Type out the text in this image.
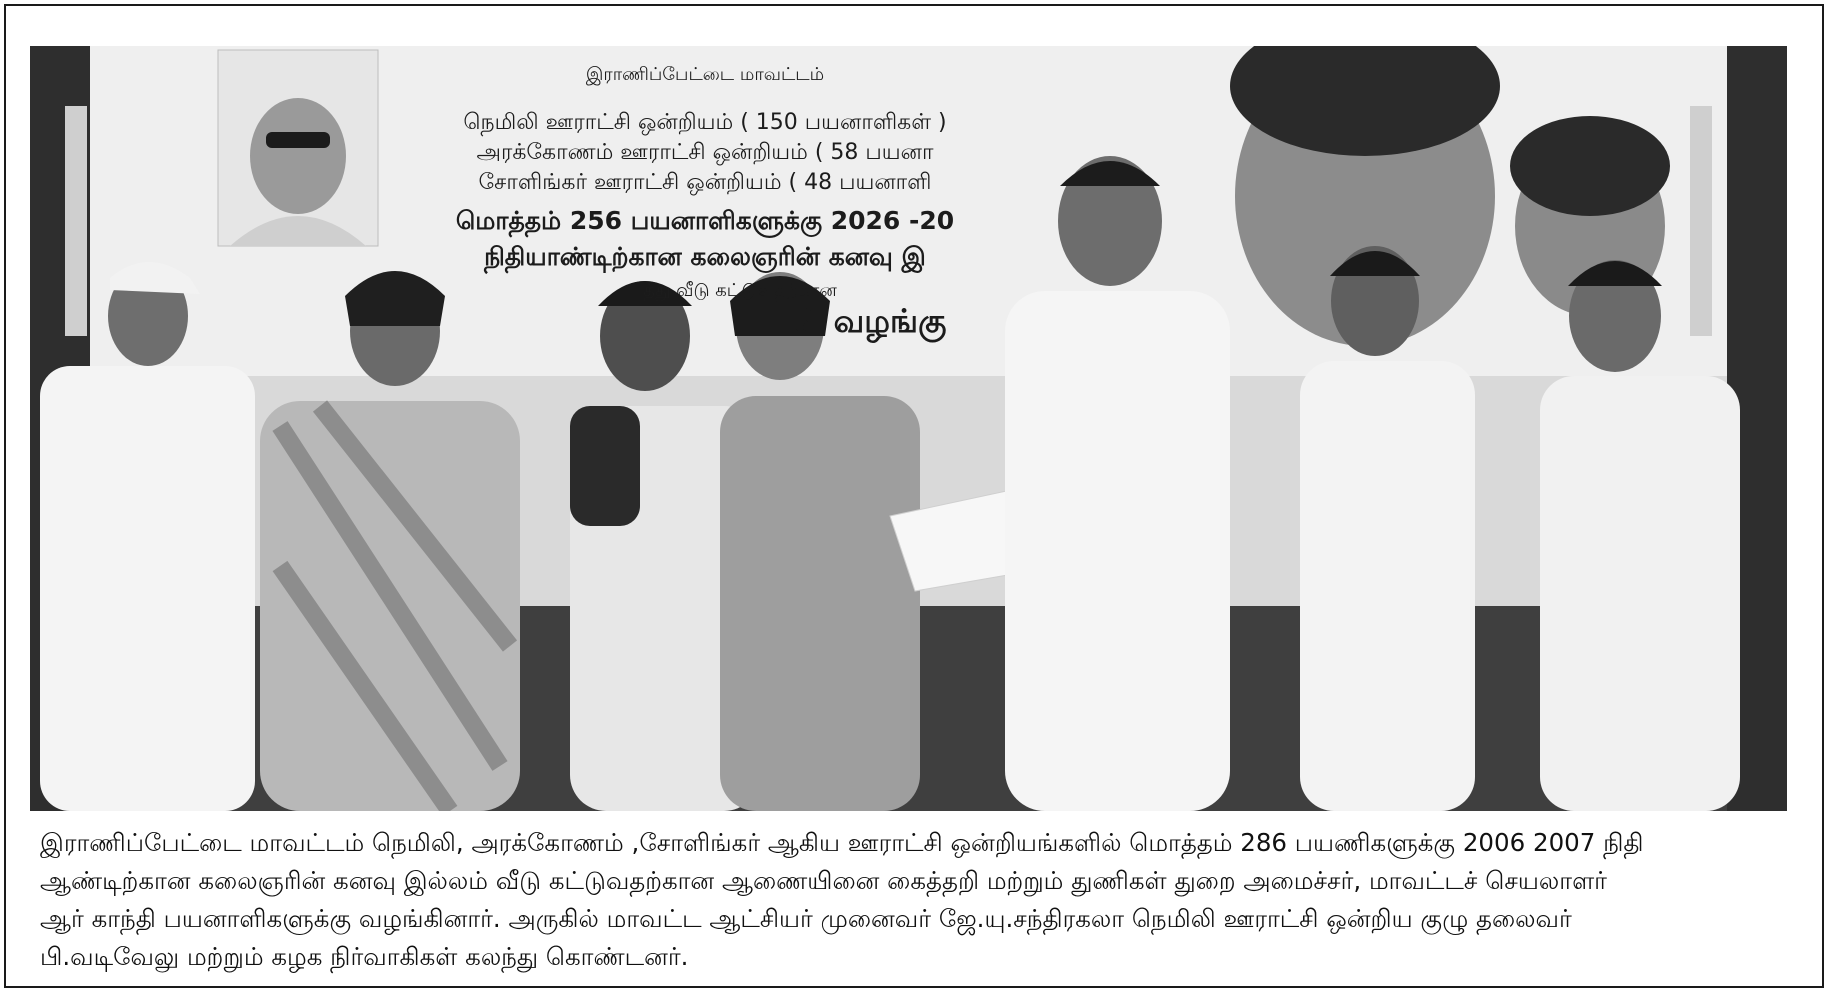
இராணிப்பேட்டை மாவட்டம்
நெமிலி ஊராட்சி ஒன்றியம் ( 150 பயனாளிகள் )
அரக்கோணம் ஊராட்சி ஒன்றியம் ( 58 பயனா
சோளிங்கர் ஊராட்சி ஒன்றியம் ( 48 பயனாளி
மொத்தம் 256 பயனாளிகளுக்கு 2026 -20
நிதியாண்டிற்கான கலைஞரின் கனவு இ
த்து வீடு கட்டுவதற்கான
ள் வழங்கு
இராணிப்பேட்டை மாவட்டம் நெமிலி, அரக்கோணம் ,சோளிங்கர் ஆகிய ஊராட்சி ஒன்றியங்களில் மொத்தம் 286 பயணிகளுக்கு 2006 2007 நிதி
ஆண்டிற்கான கலைஞரின் கனவு இல்லம் வீடு கட்டுவதற்கான ஆணையினை கைத்தறி மற்றும் துணிகள் துறை அமைச்சர், மாவட்டச் செயலாளர்
ஆர் காந்தி பயனாளிகளுக்கு வழங்கினார். அருகில் மாவட்ட ஆட்சியர் முனைவர் ஜே.யு.சந்திரகலா நெமிலி ஊராட்சி ஒன்றிய குழு தலைவர்
பி.வடிவேலு மற்றும் கழக நிர்வாகிகள் கலந்து கொண்டனர்.
